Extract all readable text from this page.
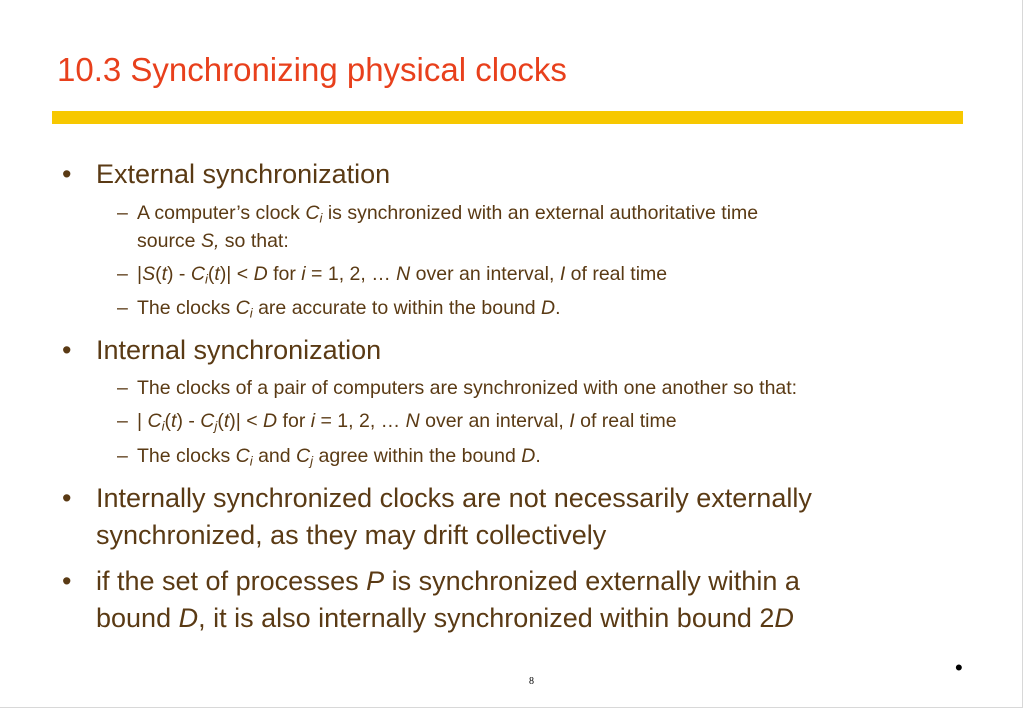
10.3 Synchronizing physical clocks
• External synchronization
– A computer’s clock $C_i$ is synchronized with an external authoritative time
source S, so that:
– $|S(t) - C_i(t)| < D$ for i = 1, 2, … N over an interval, I of real time
– The clocks $C_i$ are accurate to within the bound D.
• Internal synchronization
– The clocks of a pair of computers are synchronized with one another so that:
– | $C_i(t) - C_j(t)| < D$ for i = 1, 2, … N over an interval, I of real time
– The clocks $C_i$ and $C_j$ agree within the bound D.
• Internally synchronized clocks are not necessarily externally
synchronized, as they may drift collectively
• if the set of processes P is synchronized externally within a
bound D, it is also internally synchronized within bound 2D
8
•
